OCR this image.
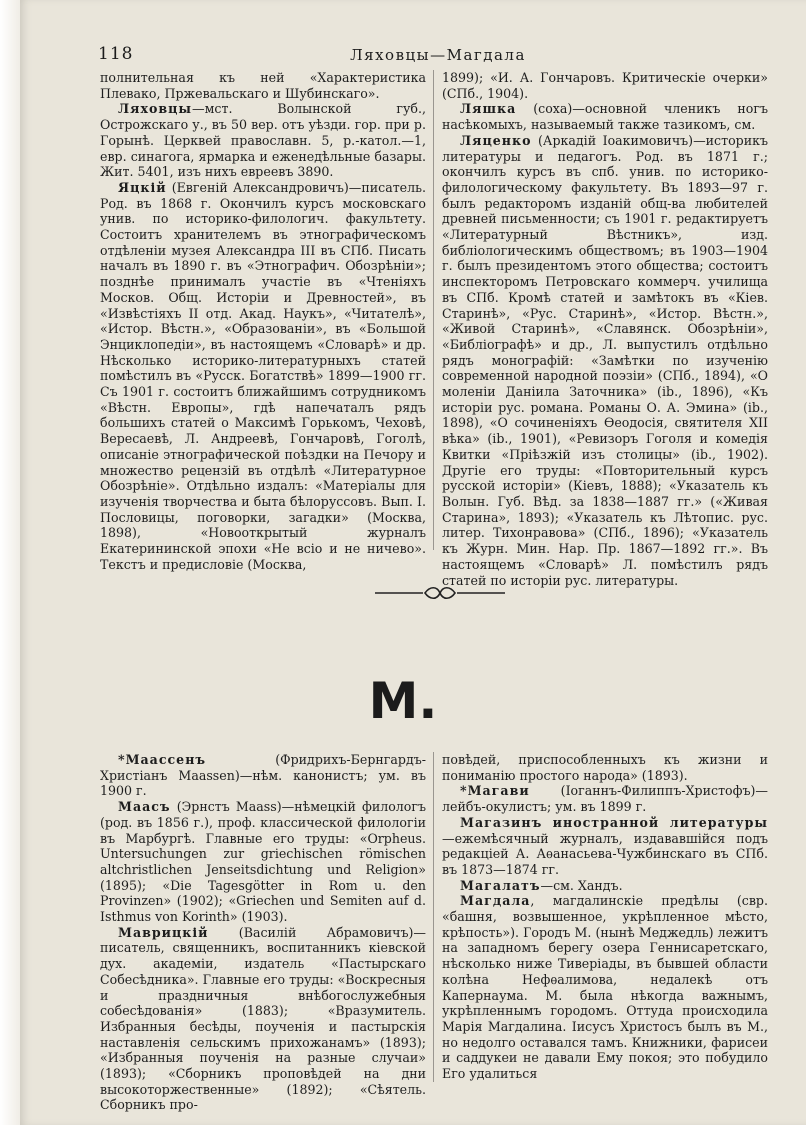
118	Ляховцы—Магдала

полнительная къ ней «Характеристика Плевако, Пржевальскаго и Шубинскаго».

Ляховцы—мст. Волынской губ., Острожскаго у., въ 50 вер. отъ уѣзди. гор. при р. Горынѣ. Церквей православн. 5, р.-катол.—1, евр. синагога, ярмарка и еженедѣльные базары. Жит. 5401, изъ нихъ евреевъ 3890.

Яцкій (Евгеній Александровичъ)—писатель. Род. въ 1868 г. Окончилъ курсъ московскаго унив. по историко-филологич. факультету. Состоитъ хранителемъ въ этнографическомъ отдѣленіи музея Александра III въ СПб. Писать началъ въ 1890 г. въ «Этнографич. Обозрѣніи»; позднѣе принималъ участіе въ «Чтеніяхъ Москов. Общ. Исторіи и Древностей», въ «Извѣстіяхъ II отд. Акад. Наукъ», «Читателѣ», «Истор. Вѣстн.», «Образованіи», въ «Большой Энциклопедіи», въ настоящемъ «Словарѣ» и др. Нѣсколько историко-литературныхъ статей помѣстилъ въ «Русск. Богатствѣ» 1899—1900 гг. Съ 1901 г. состоитъ ближайшимъ сотрудникомъ «Вѣстн. Европы», гдѣ напечаталъ рядъ большихъ статей о Максимѣ Горькомъ, Чеховѣ, Вересаевѣ, Л. Андреевѣ, Гончаровѣ, Гоголѣ, описаніе этнографической поѣздки на Печору и множество рецензій въ отдѣлѣ «Литературное Обозрѣніе». Отдѣльно издалъ: «Матеріалы для изученія творчества и быта бѣлоруссовъ. Вып. I. Пословицы, поговорки, загадки» (Москва, 1898), «Новооткрытый журналъ Екатерининской эпохи «Не всіо и не ничево». Текстъ и предисловіе (Москва,

1899); «И. А. Гончаровъ. Критическіе очерки» (СПб., 1904).

Ляшка (соха)—основной членикъ ногъ насѣкомыхъ, называемый также тазикомъ, см.

Ляценко (Аркадій Іоакимовичъ)—историкъ литературы и педагогъ. Род. въ 1871 г.; окончилъ курсъ въ спб. унив. по историко-филологическому факультету. Въ 1893—97 г. былъ редакторомъ изданій общ-ва любителей древней письменности; съ 1901 г. редактируетъ «Литературный Вѣстникъ», изд. библіологическимъ обществомъ; въ 1903—1904 г. былъ президентомъ этого общества; состоитъ инспекторомъ Петровскаго коммерч. училища въ СПб. Кромѣ статей и замѣтокъ въ «Кіев. Старинѣ», «Рус. Старинѣ», «Истор. Вѣстн.», «Живой Старинѣ», «Славянск. Обозрѣніи», «Библіографѣ» и др., Л. выпустилъ отдѣльно рядъ монографій: «Замѣтки по изученію современной народной поэзіи» (СПб., 1894), «О моленіи Даніила Заточника» (ib., 1896), «Къ исторіи рус. романа. Романы О. А. Эмина» (ib., 1898), «О сочиненіяхъ Ѳеодосія, святителя XII вѣка» (ib., 1901), «Ревизоръ Гоголя и комедія Квитки «Пріѣзжій изъ столицы» (ib., 1902). Другіе его труды: «Повторительный курсъ русской исторіи» (Кіевъ, 1888); «Указатель къ Волын. Губ. Вѣд. за 1838—1887 гг.» («Живая Старина», 1893); «Указатель къ Лѣтопис. рус. литер. Тихонравова» (СПб., 1896); «Указатель къ Журн. Мин. Нар. Пр. 1867—1892 гг.». Въ настоящемъ «Словарѣ» Л. помѣстилъ рядъ статей по исторіи рус. литературы.

M.

*Маассенъ (Фридрихъ-Бернгардъ-Христіанъ Maassen)—нѣм. канонистъ; ум. въ 1900 г.

Маасъ (Эрнстъ Maass)—нѣмецкій филологъ (род. въ 1856 г.), проф. классической филологіи въ Марбургѣ. Главные его труды: «Orpheus. Untersuchungen zur griechischen römischen altchristlichen Jenseitsdichtung und Religion» (1895); «Die Tagesgötter in Rom u. den Provinzen» (1902); «Griechen und Semiten auf d. Isthmus von Korinth» (1903).

Маврицкій (Василій Абрамовичъ)—писатель, священникъ, воспитанникъ кіевской дух. академіи, издатель «Пастырскаго Собесѣдника». Главные его труды: «Воскресныя и праздничныя внѣбогослужебныя собесѣдованія» (1883); «Вразумитель. Избранныя бесѣды, поученія и пастырскія наставленія сельскимъ прихожанамъ» (1893); «Избранныя поученія на разные случаи» (1893); «Сборникъ проповѣдей на дни высокоторжественные» (1892); «Сѣятель. Сборникъ про-

повѣдей, приспособленныхъ къ жизни и пониманію простого народа» (1893).

*Магави (Іоганнъ-Филиппъ-Христофъ)—лейбъ-окулистъ; ум. въ 1899 г.

Магазинъ иностранной литературы—ежемѣсячный журналъ, издававшійся подъ редакціей А. Аѳанасьева-Чужбинскаго въ СПб. въ 1873—1874 гг.

Магалатъ—см. Хандъ.

Магдала, магдалинскіе предѣлы (свр. «башня, возвышенное, укрѣпленное мѣсто, крѣпость»). Городъ М. (нынѣ Меджедль) лежитъ на западномъ берегу озера Геннисаретскаго, нѣсколько ниже Тиверіады, въ бывшей области колѣна Нефѳалимова, недалекѣ отъ Капернаума. М. была нѣкогда важнымъ, укрѣпленнымъ городомъ. Оттуда происходила Марія Магдалина. Іисусъ Христосъ былъ въ М., но недолго оставался тамъ. Книжники, фарисеи и саддукеи не давали Ему покоя; это побудило Его удалиться
